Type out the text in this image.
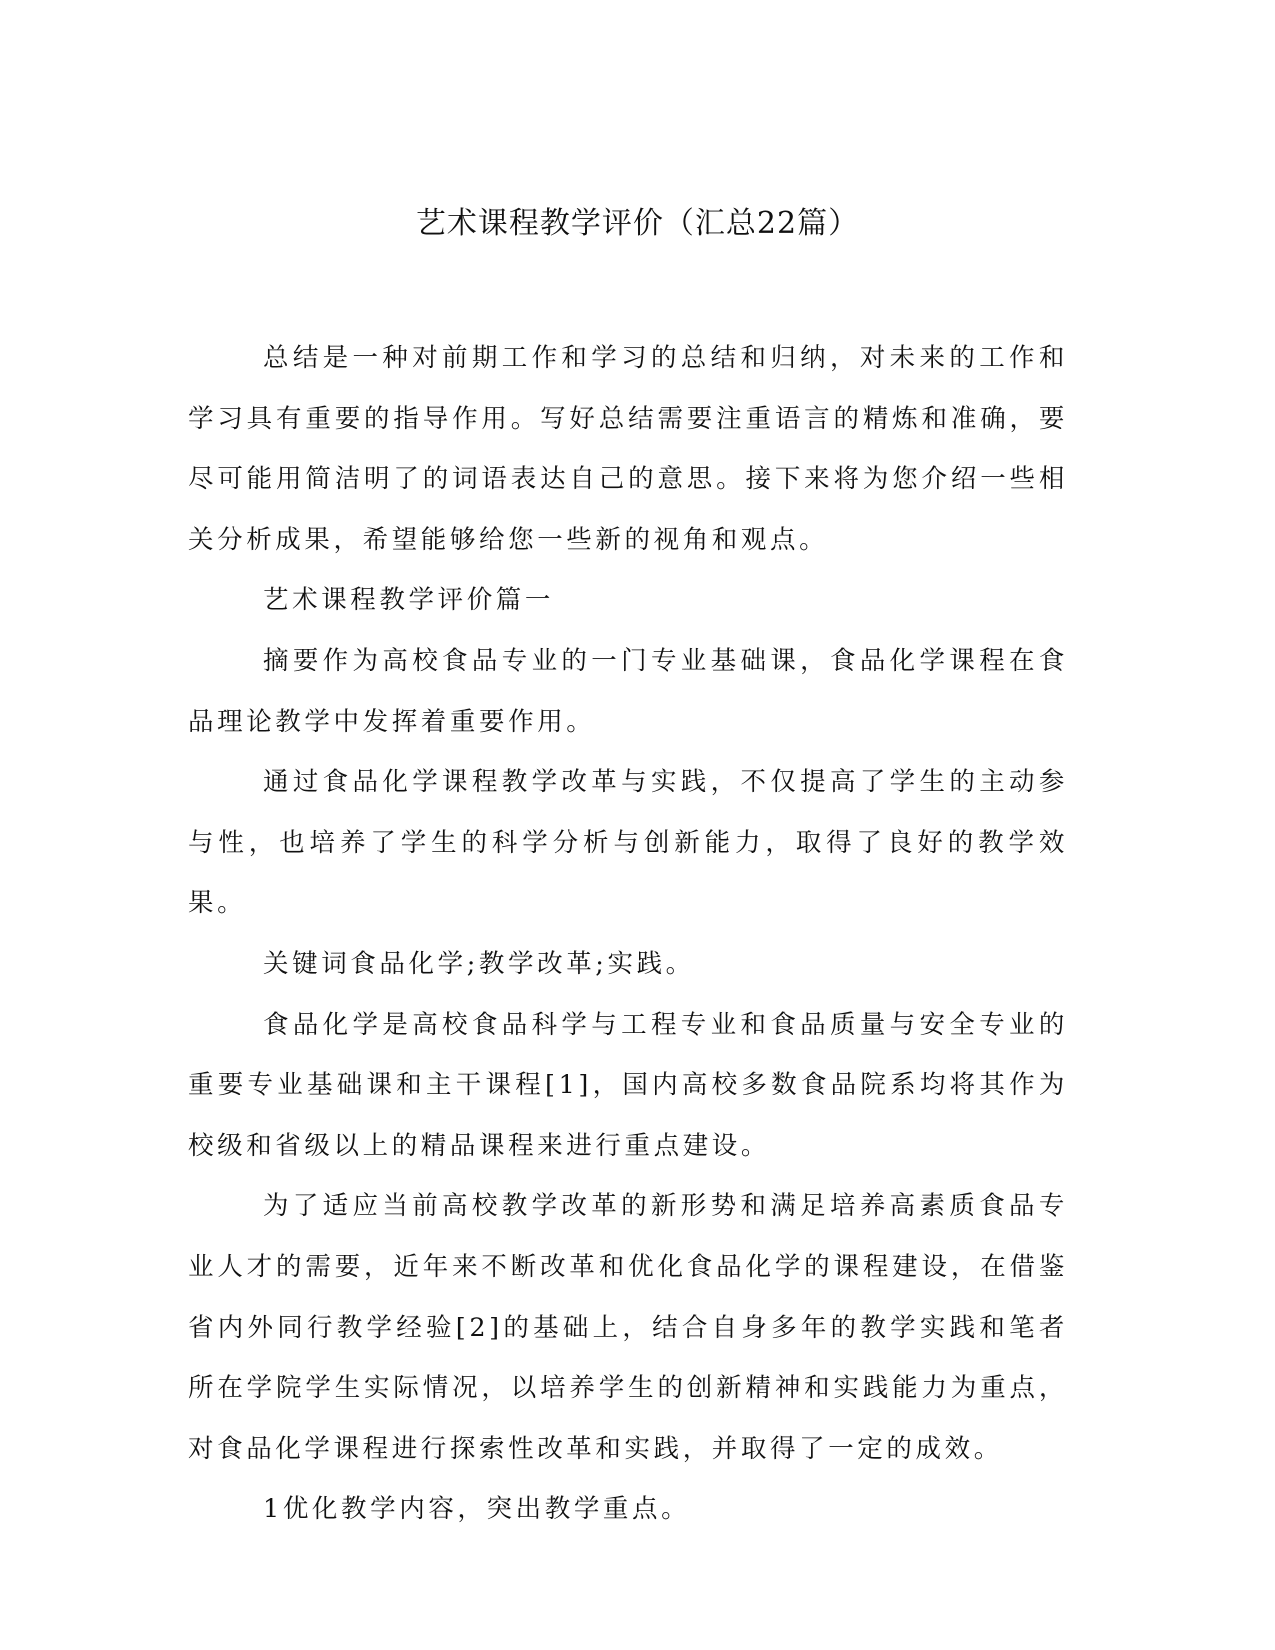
艺术课程教学评价（汇总22篇）

总结是一种对前期工作和学习的总结和归纳，对未来的工作和学习具有重要的指导作用。写好总结需要注重语言的精炼和准确，要尽可能用简洁明了的词语表达自己的意思。接下来将为您介绍一些相关分析成果，希望能够给您一些新的视角和观点。

艺术课程教学评价篇一

摘要作为高校食品专业的一门专业基础课，食品化学课程在食品理论教学中发挥着重要作用。

通过食品化学课程教学改革与实践，不仅提高了学生的主动参与性，也培养了学生的科学分析与创新能力，取得了良好的教学效果。

关键词食品化学;教学改革;实践。

食品化学是高校食品科学与工程专业和食品质量与安全专业的重要专业基础课和主干课程[1]，国内高校多数食品院系均将其作为校级和省级以上的精品课程来进行重点建设。

为了适应当前高校教学改革的新形势和满足培养高素质食品专业人才的需要，近年来不断改革和优化食品化学的课程建设，在借鉴省内外同行教学经验[2]的基础上，结合自身多年的教学实践和笔者所在学院学生实际情况，以培养学生的创新精神和实践能力为重点，对食品化学课程进行探索性改革和实践，并取得了一定的成效。

1优化教学内容，突出教学重点。
